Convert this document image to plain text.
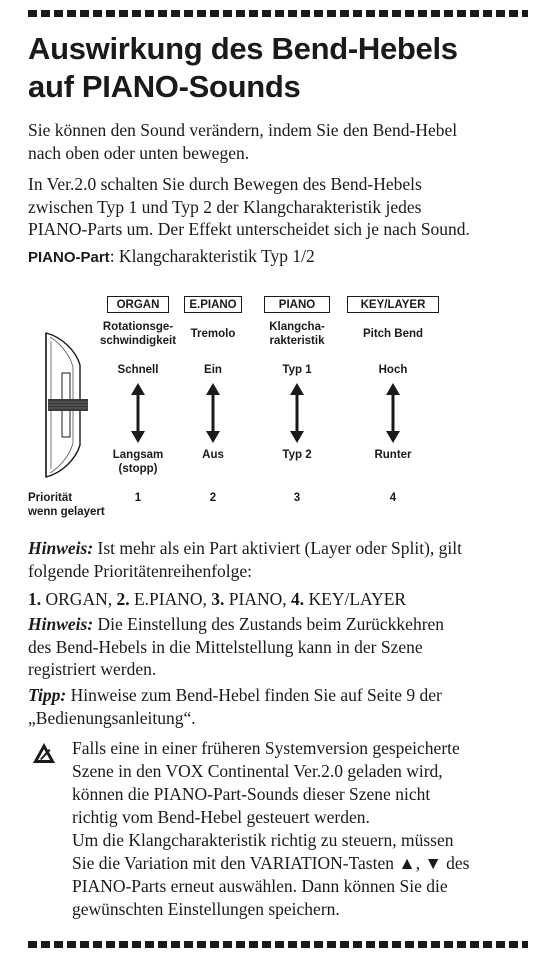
Auswirkung des Bend-Hebels
auf PIANO-Sounds

Sie können den Sound verändern, indem Sie den Bend-Hebel
nach oben oder unten bewegen.

In Ver.2.0 schalten Sie durch Bewegen des Bend-Hebels
zwischen Typ 1 und Typ 2 der Klangcharakteristik jedes
PIANO-Parts um. Der Effekt unterscheidet sich je nach Sound.

PIANO-Part: Klangcharakteristik Typ 1/2

ORGAN
Rotationsge-
schwindigkeit
Schnell
Langsam
(stopp)
1
E.PIANO
Tremolo
Ein
Aus
2
PIANO
Klangcha-
rakteristik
Typ 1
Typ 2
3
KEY/LAYER
Pitch Bend
Hoch
Runter
4
Priorität
wenn gelayert

Hinweis: Ist mehr als ein Part aktiviert (Layer oder Split), gilt
folgende Prioritätenreihenfolge:

1. ORGAN, 2. E.PIANO, 3. PIANO, 4. KEY/LAYER

Hinweis: Die Einstellung des Zustands beim Zurückkehren
des Bend-Hebels in die Mittelstellung kann in der Szene
registriert werden.

Tipp: Hinweise zum Bend-Hebel finden Sie auf Seite 9 der
„Bedienungsanleitung“.

Falls eine in einer früheren Systemversion gespeicherte
Szene in den VOX Continental Ver.2.0 geladen wird,
können die PIANO-Part-Sounds dieser Szene nicht
richtig vom Bend-Hebel gesteuert werden.
Um die Klangcharakteristik richtig zu steuern, müssen
Sie die Variation mit den VARIATION-Tasten ▲, ▼ des
PIANO-Parts erneut auswählen. Dann können Sie die
gewünschten Einstellungen speichern.
